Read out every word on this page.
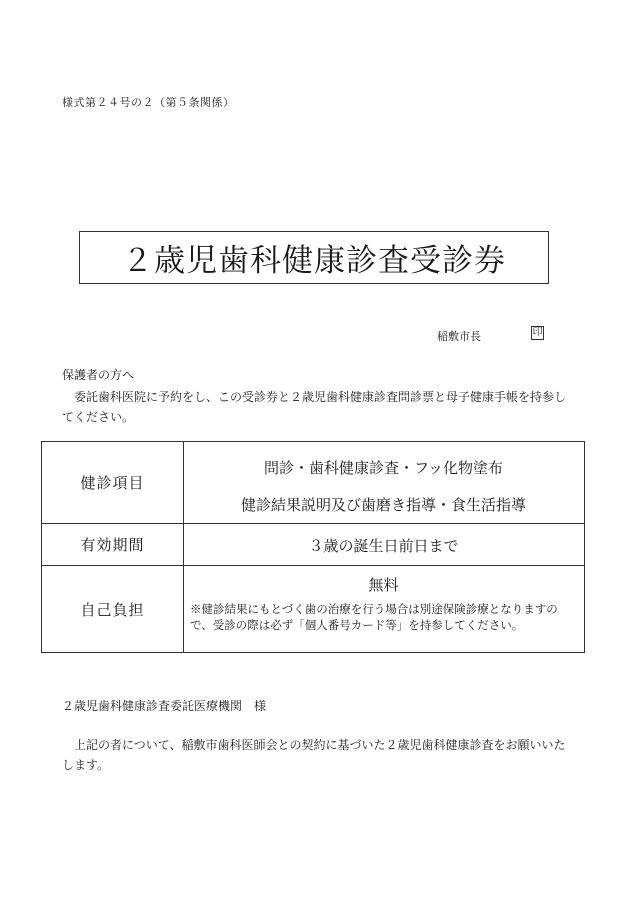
様式第２４号の２（第５条関係）
２歳児歯科健康診査受診券
稲敷市長	印
保護者の方へ
委託歯科医院に予約をし、この受診券と２歳児歯科健康診査問診票と母子健康手帳を持参してください。
健診項目
問診・歯科健康診査・フッ化物塗布
健診結果説明及び歯磨き指導・食生活指導
有効期間	３歳の誕生日前日まで
自己負担
無料
※健診結果にもとづく歯の治療を行う場合は別途保険診療となりますので、受診の際は必ず「個人番号カード等」を持参してください。
２歳児歯科健康診査委託医療機関　様
上記の者について、稲敷市歯科医師会との契約に基づいた２歳児歯科健康診査をお願いいたします。
